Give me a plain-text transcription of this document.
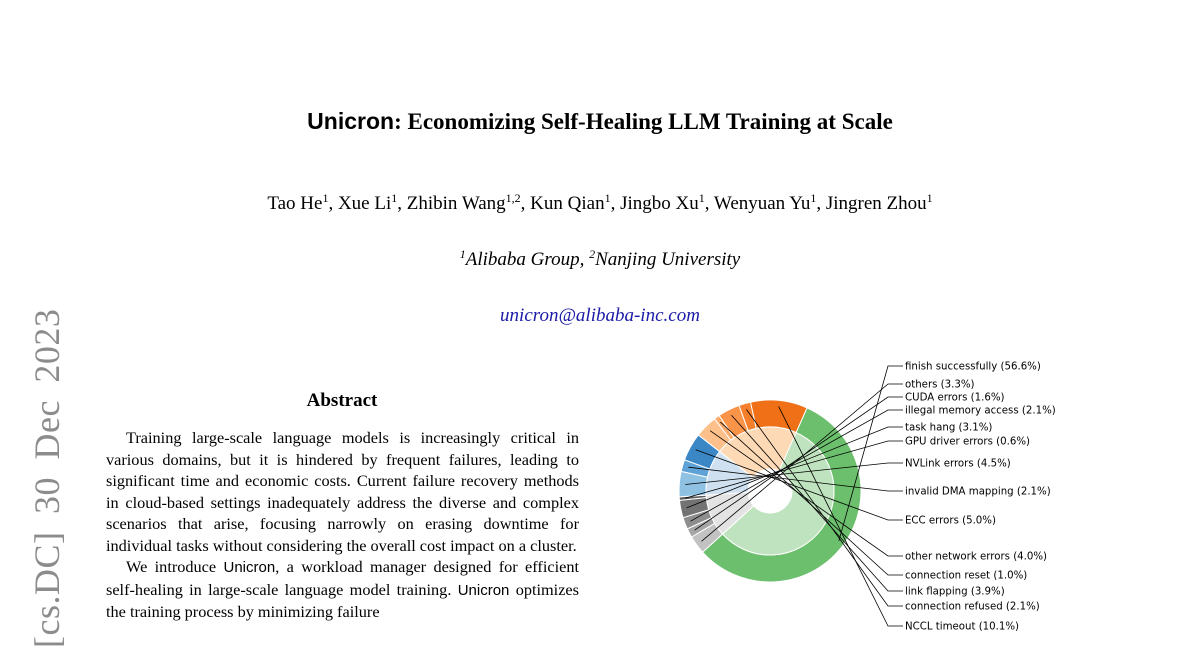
[cs.DC] 30 Dec 2023
Unicron: Economizing Self-Healing LLM Training at Scale
Tao He$^1$, Xue Li$^1$, Zhibin Wang$^{1,2}$, Kun Qian$^1$, Jingbo Xu$^1$, Wenyuan Yu$^1$, Jingren Zhou$^1$
$^1$Alibaba Group, $^2$Nanjing University
unicron@alibaba-inc.com
Abstract

Training large-scale language models is increasingly critical in various domains, but it is hindered by frequent failures, leading to significant time and economic costs. Current failure recovery methods in cloud-based settings inadequately address the diverse and complex scenarios that arise, focusing narrowly on erasing downtime for individual tasks without considering the overall cost impact on a cluster.

We introduce Unicron, a workload manager designed for efficient self-healing in large-scale language model training. Unicron optimizes the training process by minimizing failure

finish successfully (56.6%)
others (3.3%)
CUDA errors (1.6%)
illegal memory access (2.1%)
task hang (3.1%)
GPU driver errors (0.6%)
NVLink errors (4.5%)
invalid DMA mapping (2.1%)
ECC errors (5.0%)
other network errors (4.0%)
connection reset (1.0%)
link flapping (3.9%)
connection refused (2.1%)
NCCL timeout (10.1%)
